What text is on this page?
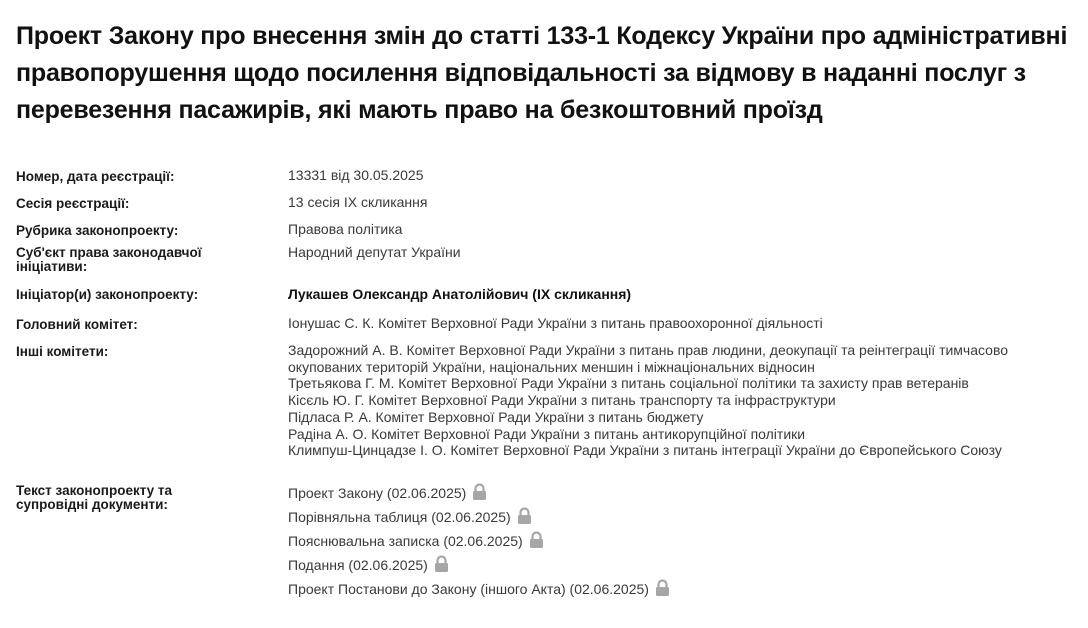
Проект Закону про внесення змін до статті 133-1 Кодексу України про адміністративні правопорушення щодо посилення відповідальності за відмову в наданні послуг з перевезення пасажирів, які мають право на безкоштовний проїзд
Номер, дата реєстрації:	13331 від 30.05.2025
Сесія реєстрації:	13 сесія IX скликання
Рубрика законопроекту:	Правова політика
Суб'єкт права законодавчої ініціативи:
Народний депутат України
Ініціатор(и) законопроекту:	Лукашев Олександр Анатолійович (IX скликання)
Головний комітет:	Іонушас С. К. Комітет Верховної Ради України з питань правоохоронної діяльності
Інші комітети:	Задорожний А. В. Комітет Верховної Ради України з питань прав людини, деокупації та реінтеграції тимчасово окупованих територій України, національних меншин і міжнаціональних відносин
Третьякова Г. М. Комітет Верховної Ради України з питань соціальної політики та захисту прав ветеранів
Кісєль Ю. Г. Комітет Верховної Ради України з питань транспорту та інфраструктури
Підласа Р. А. Комітет Верховної Ради України з питань бюджету
Радіна А. О. Комітет Верховної Ради України з питань антикорупційної політики
Климпуш-Цинцадзе І. О. Комітет Верховної Ради України з питань інтеграції України до Європейського Союзу
Текст законопроекту та супровідні документи:
Проект Закону (02.06.2025)
Порівняльна таблиця (02.06.2025)
Пояснювальна записка (02.06.2025)
Подання (02.06.2025)
Проект Постанови до Закону (іншого Акта) (02.06.2025)
